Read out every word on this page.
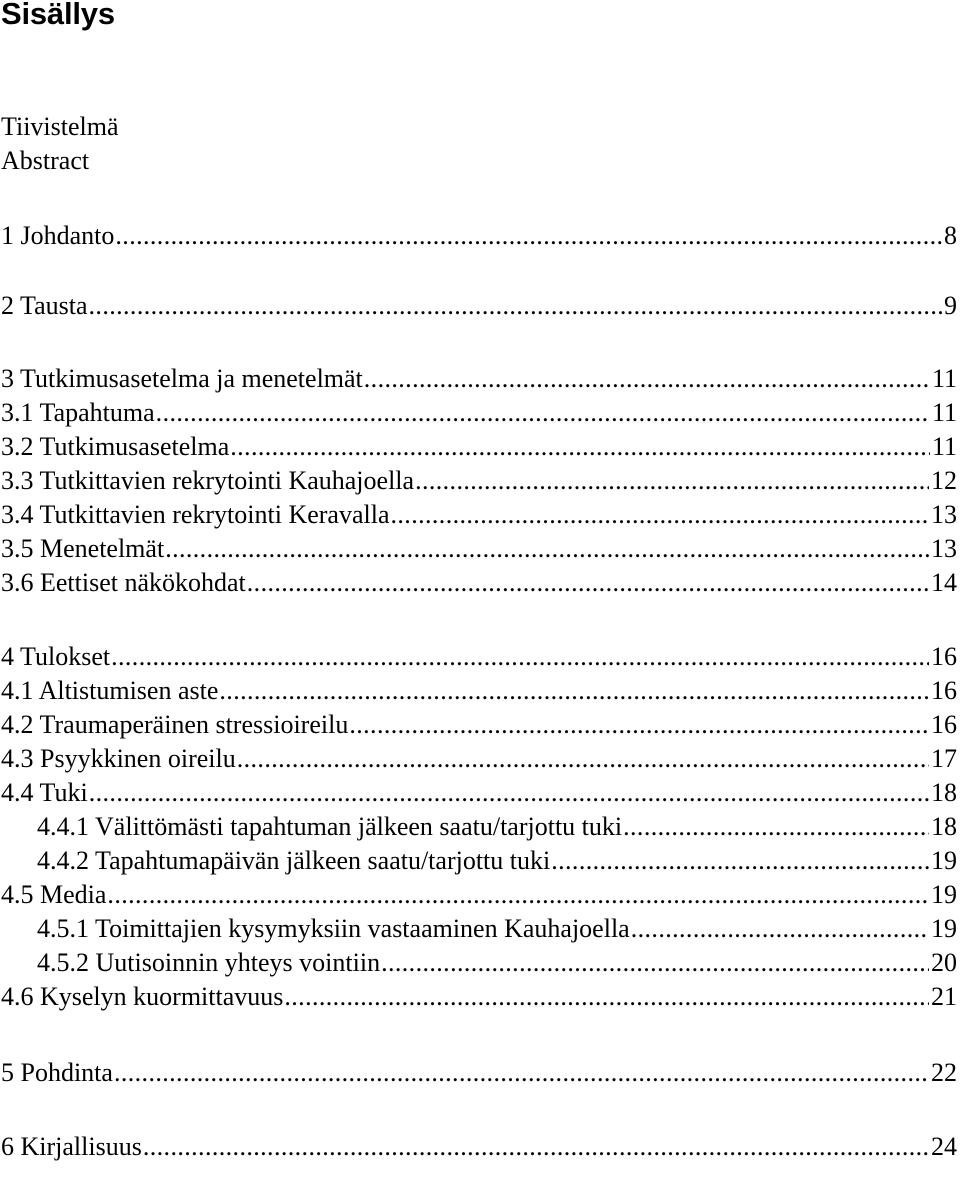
Sisällys
Tiivistelmä
Abstract
1 Johdanto .....	8
2 Tausta .....	9
3 Tutkimusasetelma ja menetelmät .....	11
3.1 Tapahtuma .....	11
3.2 Tutkimusasetelma .....	11
3.3 Tutkittavien rekrytointi Kauhajoella .....	12
3.4 Tutkittavien rekrytointi Keravalla .....	13
3.5 Menetelmät .....	13
3.6 Eettiset näkökohdat .....	14
4 Tulokset .....	16
4.1 Altistumisen aste .....	16
4.2 Traumaperäinen stressioireilu .....	16
4.3 Psyykkinen oireilu .....	17
4.4 Tuki .....	18
4.4.1 Välittömästi tapahtuman jälkeen saatu/tarjottu tuki .....	18
4.4.2 Tapahtumapäivän jälkeen saatu/tarjottu tuki .....	19
4.5 Media .....	19
4.5.1 Toimittajien kysymyksiin vastaaminen Kauhajoella .....	19
4.5.2 Uutisoinnin yhteys vointiin .....	20
4.6 Kyselyn kuormittavuus .....	21
5 Pohdinta .....	22
6 Kirjallisuus .....	24
